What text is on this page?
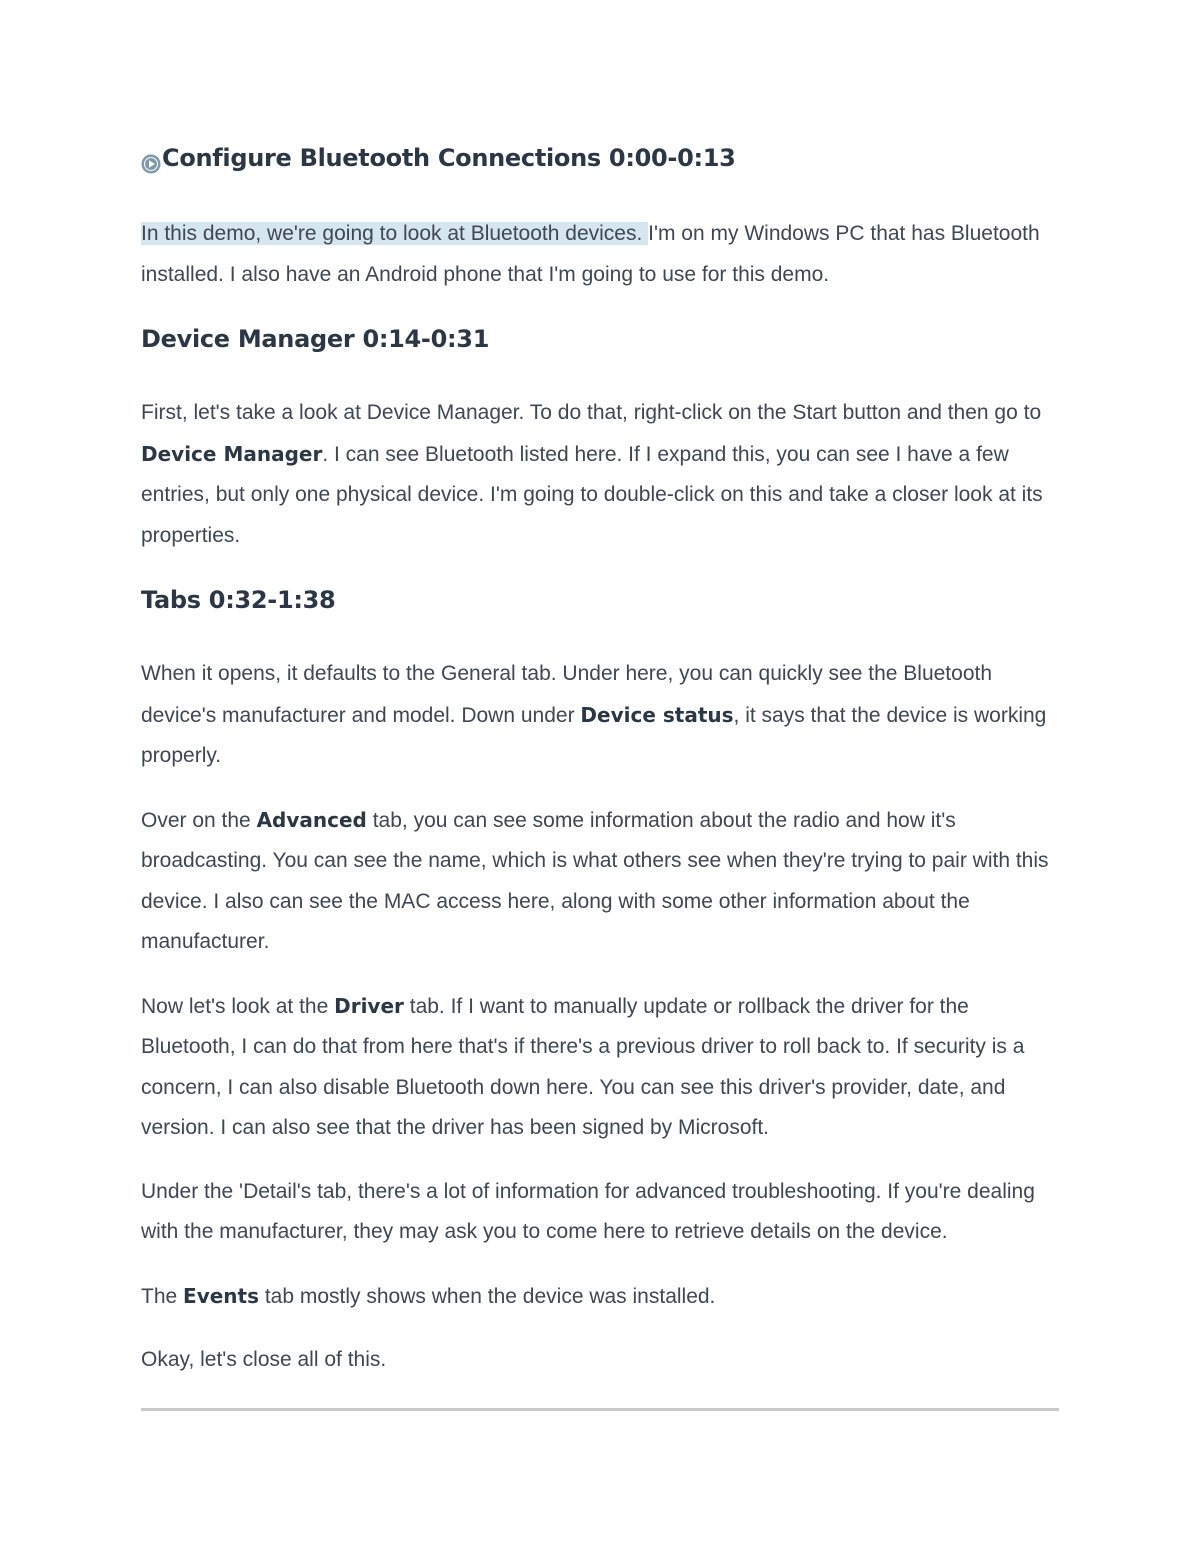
Configure Bluetooth Connections 0:00-0:13

In this demo, we're going to look at Bluetooth devices. I'm on my Windows PC that has Bluetooth installed. I also have an Android phone that I'm going to use for this demo.

Device Manager 0:14-0:31

First, let's take a look at Device Manager. To do that, right-click on the Start button and then go to Device Manager. I can see Bluetooth listed here. If I expand this, you can see I have a few entries, but only one physical device. I'm going to double-click on this and take a closer look at its properties.

Tabs 0:32-1:38

When it opens, it defaults to the General tab. Under here, you can quickly see the Bluetooth device's manufacturer and model. Down under Device status, it says that the device is working properly.

Over on the Advanced tab, you can see some information about the radio and how it's broadcasting. You can see the name, which is what others see when they're trying to pair with this device. I also can see the MAC access here, along with some other information about the manufacturer.

Now let's look at the Driver tab. If I want to manually update or rollback the driver for the Bluetooth, I can do that from here that's if there's a previous driver to roll back to. If security is a concern, I can also disable Bluetooth down here. You can see this driver's provider, date, and version. I can also see that the driver has been signed by Microsoft.

Under the 'Detail's tab, there's a lot of information for advanced troubleshooting. If you're dealing with the manufacturer, they may ask you to come here to retrieve details on the device.

The Events tab mostly shows when the device was installed.

Okay, let's close all of this.
